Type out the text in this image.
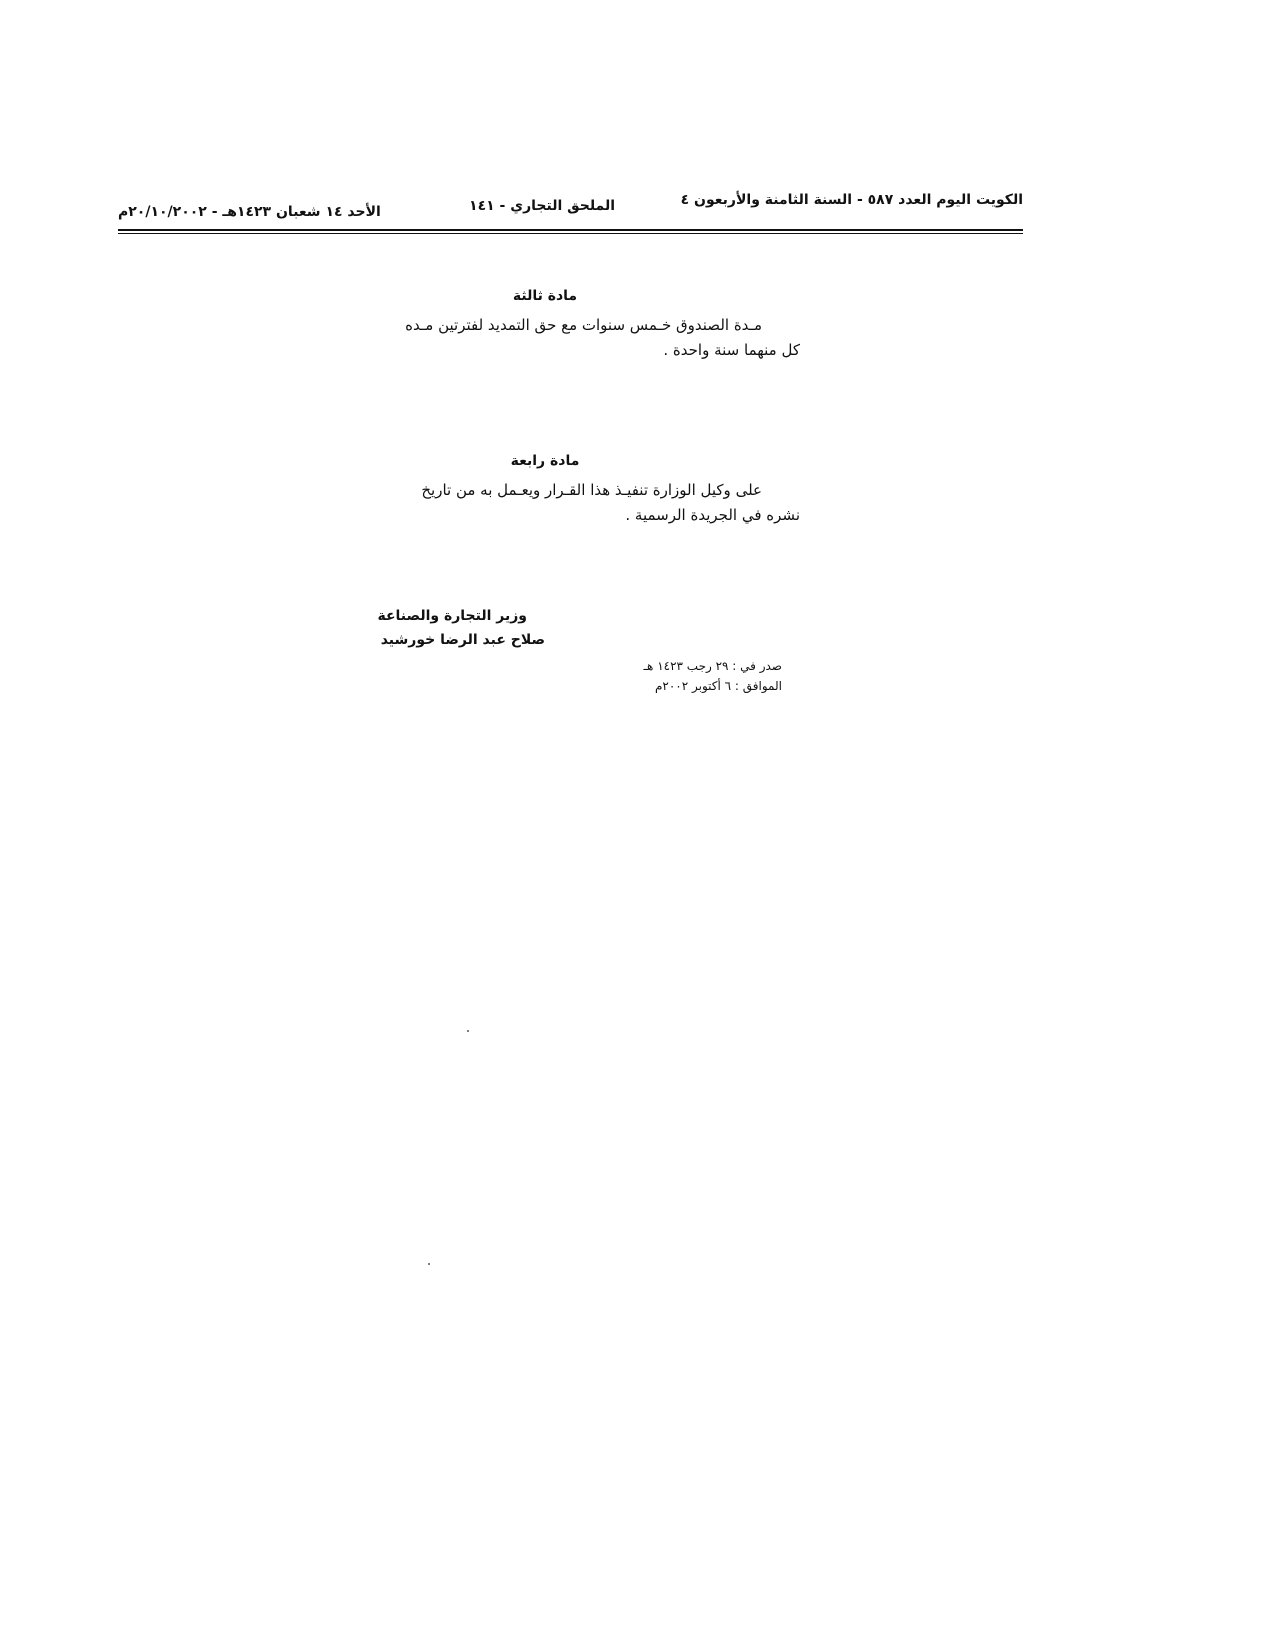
الكويت اليوم العدد ٥٨٧ - السنة الثامنة والأربعون ٤
الملحق التجاري - ١٤١
الأحد ١٤ شعبان ١٤٢٣هـ - ٢٠/١٠/٢٠٠٢م
مادة ثالثة
مـدة الصندوق خـمس سنوات مع حق التمديد لفترتين مـده
كل منهما سنة واحدة .
مادة رابعة
على وكيل الوزارة تنفيـذ هذا القـرار ويعـمل به من تاريخ
نشره في الجريدة الرسمية .
وزير التجارة والصناعة
صلاح عبد الرضا خورشيد
صدر في : ٢٩ رجب ١٤٢٣ هـ
الموافق : ٦ أكتوبر ٢٠٠٢م
